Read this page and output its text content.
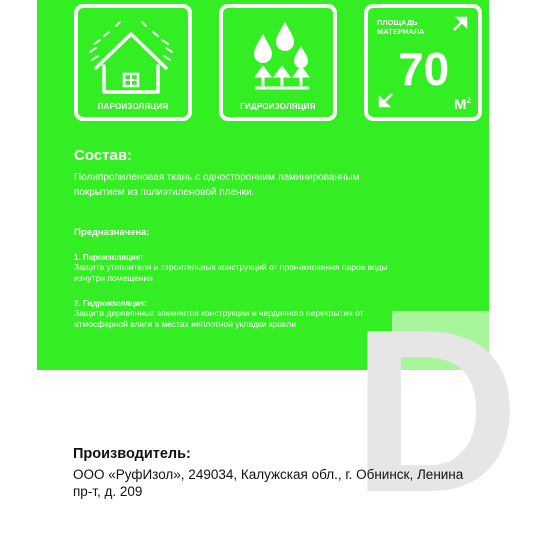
D
ПАРОИЗОЛЯЦИЯ	ГИДРОИЗОЛЯЦИЯ
ПЛОЩАДЬ
МАТЕРИАЛА
70
$М^2$
Состав:
Полипропиленовая ткань с односторонним ламинированным покрытием из полиэтиленовой пленки.
Предназначена:
1. Пароизоляция:
Защита утеплителя и строительных конструкций от проникновения паров воды изнутри помещения
2. Гидроизоляция:
Защита деревянных элементов конструкции и чердачного перекрытия от атмосферной влаги в местах неплотной укладки кровли
Производитель:
ООО «РуфИзол», 249034, Калужская обл., г. Обнинск, Ленина пр-т, д. 209
